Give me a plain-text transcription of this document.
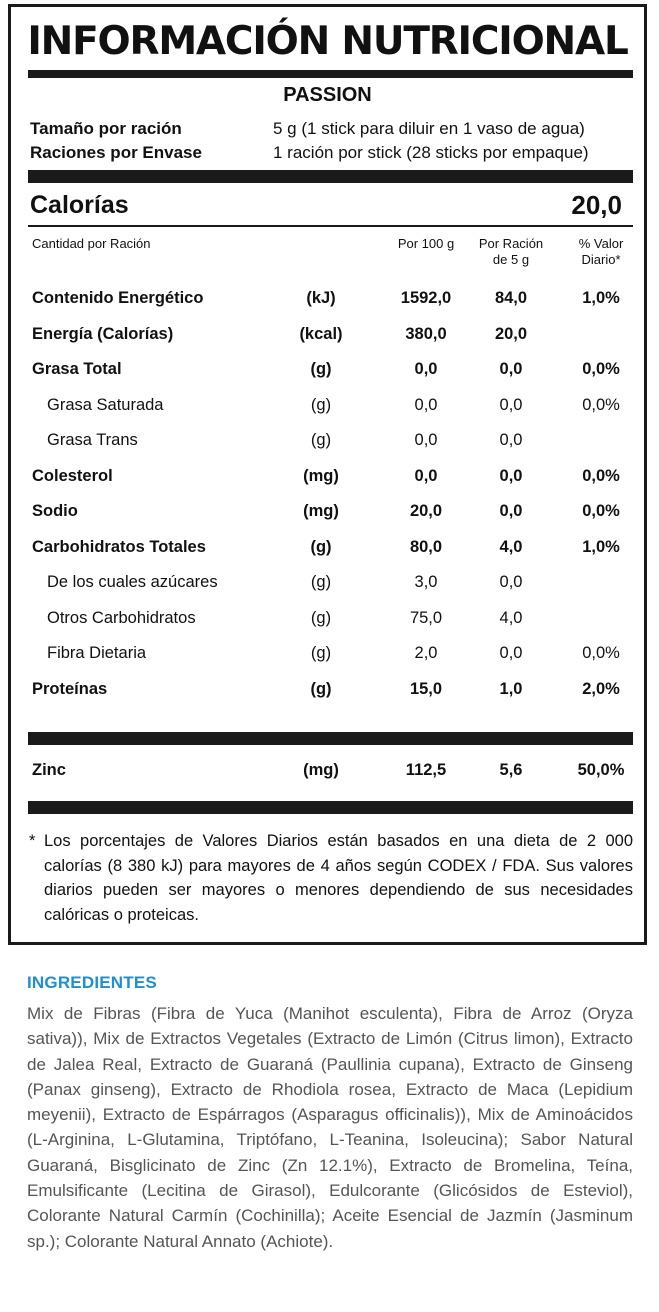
INFORMACIÓN NUTRICIONAL
PASSION
Tamaño por ración	5 g (1 stick para diluir en 1 vaso de agua)
Raciones por Envase	1 ración por stick (28 sticks por empaque)
Calorías	20,0
Cantidad por Ración	Por 100 g	Por Ración
de 5 g
% Valor
Diario*
Contenido Energético	(kJ)	1592,0	84,0	1,0%
Energía (Calorías)	(kcal)	380,0	20,0
Grasa Total	(g)	0,0	0,0	0,0%
Grasa Saturada	(g)	0,0	0,0	0,0%
Grasa Trans	(g)	0,0	0,0
Colesterol	(mg)	0,0	0,0	0,0%
Sodio	(mg)	20,0	0,0	0,0%
Carbohidratos Totales	(g)	80,0	4,0	1,0%
De los cuales azúcares	(g)	3,0	0,0
Otros Carbohidratos	(g)	75,0	4,0
Fibra Dietaria	(g)	2,0	0,0	0,0%
Proteínas	(g)	15,0	1,0	2,0%
Zinc	(mg)	112,5	5,6	50,0%
* Los porcentajes de Valores Diarios están basados en una dieta de 2 000 calorías (8 380 kJ) para mayores de 4 años según CODEX / FDA. Sus valores diarios pueden ser mayores o menores dependiendo de sus necesidades calóricas o proteicas.
INGREDIENTES
Mix de Fibras (Fibra de Yuca (Manihot esculenta), Fibra de Arroz (Oryza sativa)), Mix de Extractos Vegetales (Extracto de Limón (Citrus limon), Extracto de Jalea Real, Extracto de Guaraná (Paullinia cupana), Extracto de Ginseng (Panax ginseng), Extracto de Rhodiola rosea, Extracto de Maca (Lepidium meyenii), Extracto de Espárragos (Asparagus officinalis)), Mix de Aminoácidos (L-Arginina, L-Glutamina, Triptófano, L-Teanina, Isoleucina); Sabor Natural Guaraná, Bisglicinato de Zinc (Zn 12.1%), Extracto de Bromelina, Teína, Emulsificante (Lecitina de Girasol), Edulcorante (Glicósidos de Esteviol), Colorante Natural Carmín (Cochinilla); Aceite Esencial de Jazmín (Jasminum sp.); Colorante Natural Annato (Achiote).
